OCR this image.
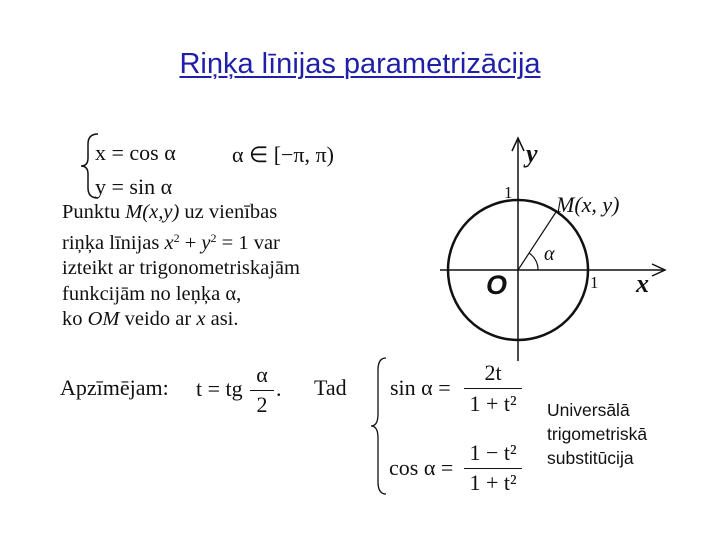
Riņķa līnijas parametrizācija
x = cos α
y = sin α
α ∈ [−π, π)
Punktu M(x,y) uz vienības
riņķa līnijas $x^2 + y^2 = 1$ var
izteikt ar trigonometriskajām
funkcijām no leņķa α,
ko OM veido ar x asi.
Apzīmējam: t = tg
α
2
. Tad sin α =
2t
1 + t²
cos α =
1 − t²
1 + t²
Universālā
trigometriskā
substitūcija
y
x
O
1
1
α
M(x, y)
